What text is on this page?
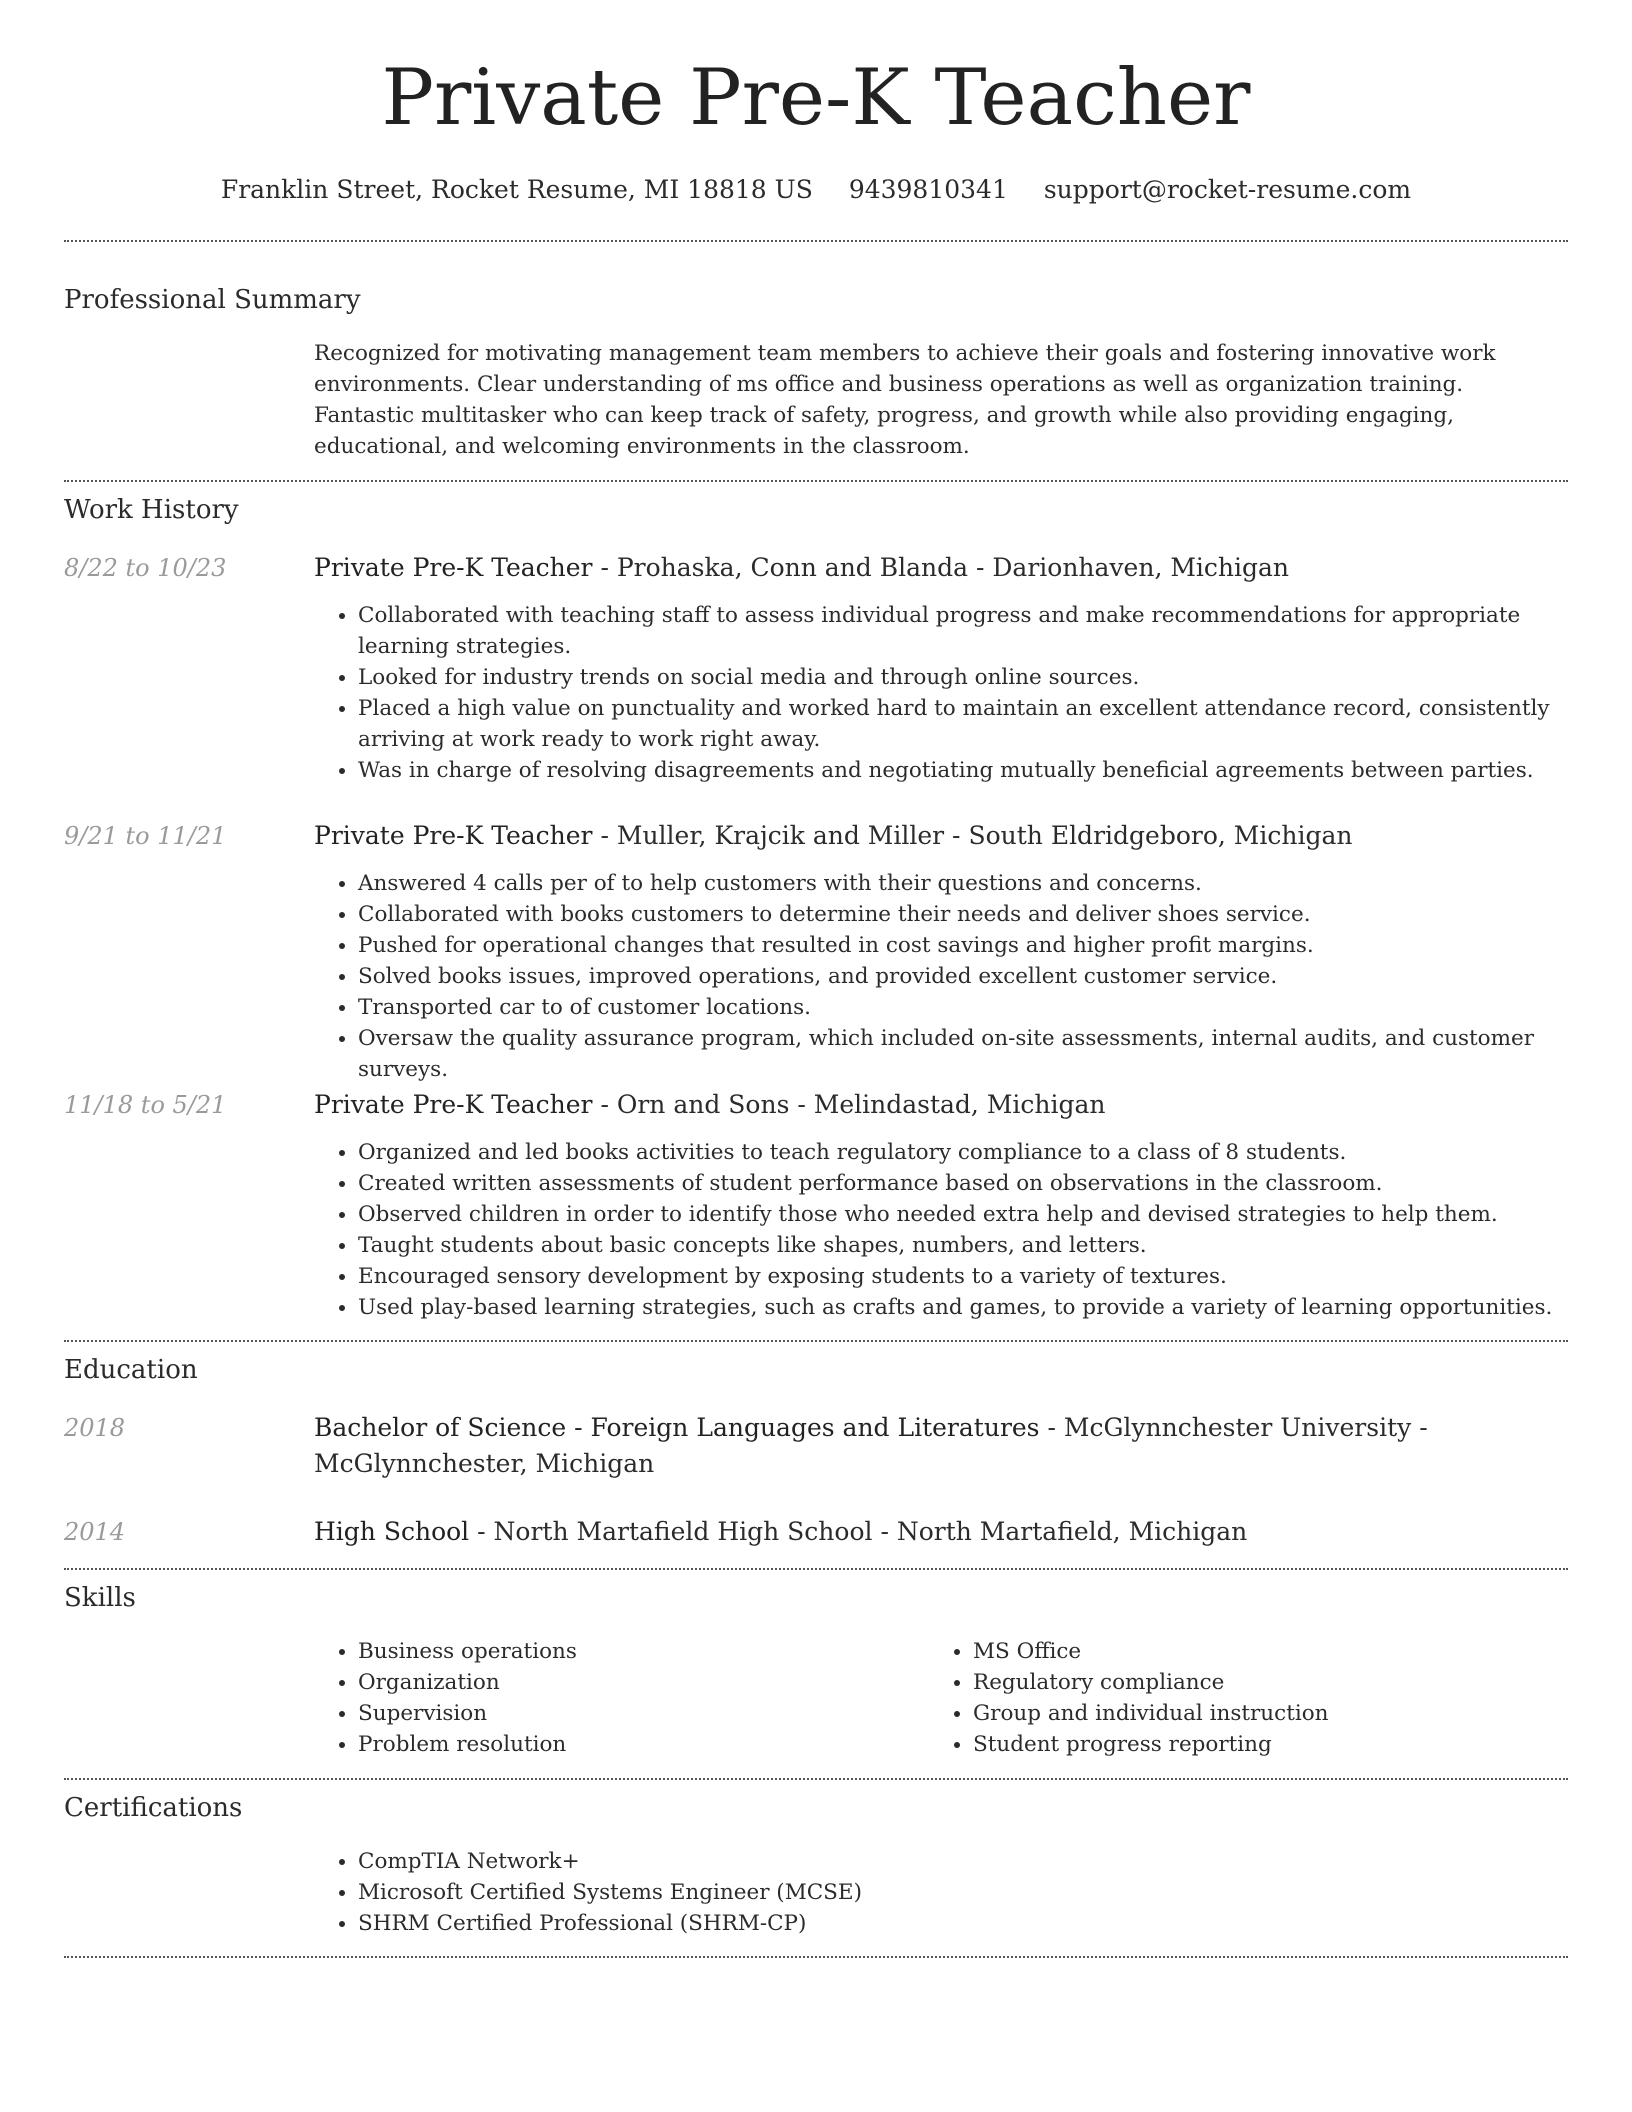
Private Pre-K Teacher
Franklin Street, Rocket Resume, MI 18818 US 9439810341 support@rocket-resume.com
Professional Summary
Recognized for motivating management team members to achieve their goals and fostering innovative work environments. Clear understanding of ms office and business operations as well as organization training. Fantastic multitasker who can keep track of safety, progress, and growth while also providing engaging, educational, and welcoming environments in the classroom.
Work History
8/22 to 10/23	Private Pre-K Teacher - Prohaska, Conn and Blanda - Darionhaven, Michigan
• Collaborated with teaching staff to assess individual progress and make recommendations for appropriate learning strategies.
• Looked for industry trends on social media and through online sources.
• Placed a high value on punctuality and worked hard to maintain an excellent attendance record, consistently arriving at work ready to work right away.
• Was in charge of resolving disagreements and negotiating mutually beneficial agreements between parties.
9/21 to 11/21	Private Pre-K Teacher - Muller, Krajcik and Miller - South Eldridgeboro, Michigan
• Answered 4 calls per of to help customers with their questions and concerns.
• Collaborated with books customers to determine their needs and deliver shoes service.
• Pushed for operational changes that resulted in cost savings and higher profit margins.
• Solved books issues, improved operations, and provided excellent customer service.
• Transported car to of customer locations.
• Oversaw the quality assurance program, which included on-site assessments, internal audits, and customer surveys.
11/18 to 5/21	Private Pre-K Teacher - Orn and Sons - Melindastad, Michigan
• Organized and led books activities to teach regulatory compliance to a class of 8 students.
• Created written assessments of student performance based on observations in the classroom.
• Observed children in order to identify those who needed extra help and devised strategies to help them.
• Taught students about basic concepts like shapes, numbers, and letters.
• Encouraged sensory development by exposing students to a variety of textures.
• Used play-based learning strategies, such as crafts and games, to provide a variety of learning opportunities.
Education
2018	Bachelor of Science - Foreign Languages and Literatures - McGlynnchester University - McGlynnchester, Michigan
2014	High School - North Martafield High School - North Martafield, Michigan
Skills
• Business operations
• Organization
• Supervision
• Problem resolution
• MS Office
• Regulatory compliance
• Group and individual instruction
• Student progress reporting
Certifications
• CompTIA Network+
• Microsoft Certified Systems Engineer (MCSE)
• SHRM Certified Professional (SHRM-CP)
